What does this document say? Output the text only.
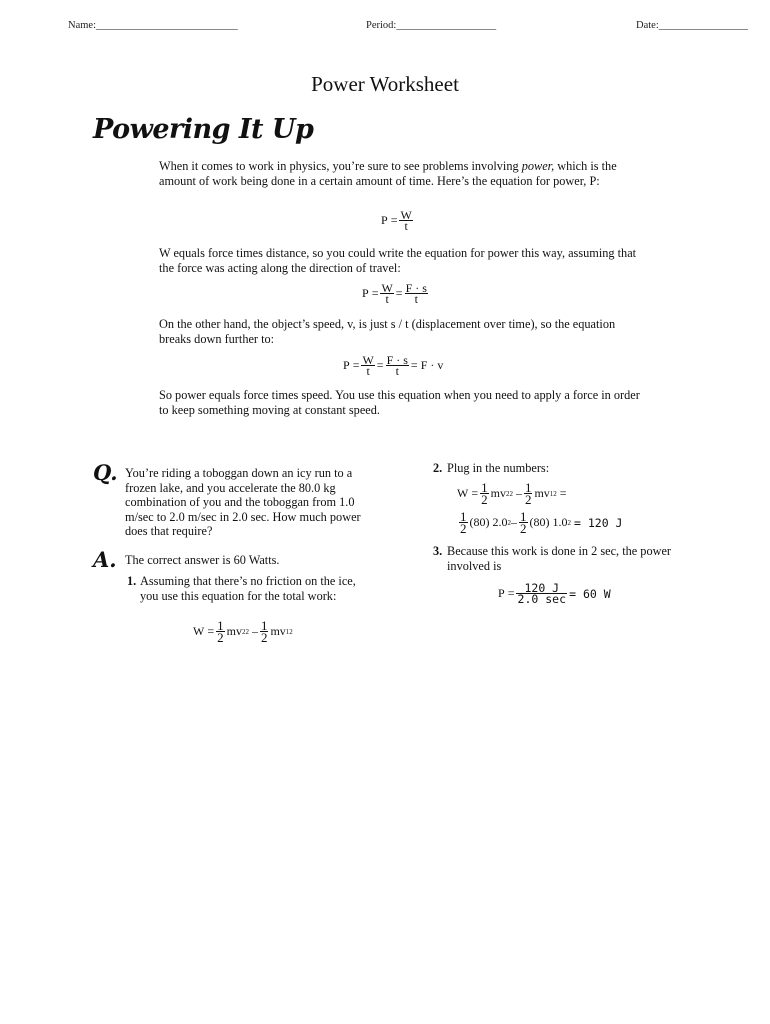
Name:___________________________	Period:___________________	Date:_________________
Power Worksheet
Powering It Up
When it comes to work in physics, you’re sure to see problems involving power, which is the amount of work being done in a certain amount of time. Here’s the equation for power, P:
P
= $\frac{W}{t}$
W equals force times distance, so you could write the equation for power this way, assuming that the force was acting along the direction of travel:
P
= $\frac{W}{t} = \frac{F \cdot s}{t}$
On the other hand, the object’s speed, v, is just s / t (displacement over time), so the equation breaks down further to:
P
= $\frac{W}{t} = \frac{F \cdot s}{t}$ =
F · v
So power equals force times speed. You use this equation when you need to apply a force in order to keep something moving at constant speed.
Q. You’re riding a toboggan down an icy run to a frozen lake, and you accelerate the 80.0 kg combination of you and the toboggan from 1.0 m/sec to 2.0 m/sec in 2.0 sec. How much power does that require?
A. The correct answer is 60 Watts.
1. Assuming that there’s no friction on the ice, you use this equation for the total work:
W
= $\frac{1}{2}$ mv 2 2
– $\frac{1}{2}$ mv 1 2
2. Plug in the numbers:
W
= $\frac{1}{2}$ mv 2 2
– $\frac{1}{2}$ mv 1 2
=
$\frac{1}{2} (80)$ 2.0 $2 - \frac{1}{2} (80)$ 1.0 2
= 120 J
3. Because this work is done in 2 sec, the power involved is
P
= $\frac{120 J}{2.0 \sec} = 60$ W
